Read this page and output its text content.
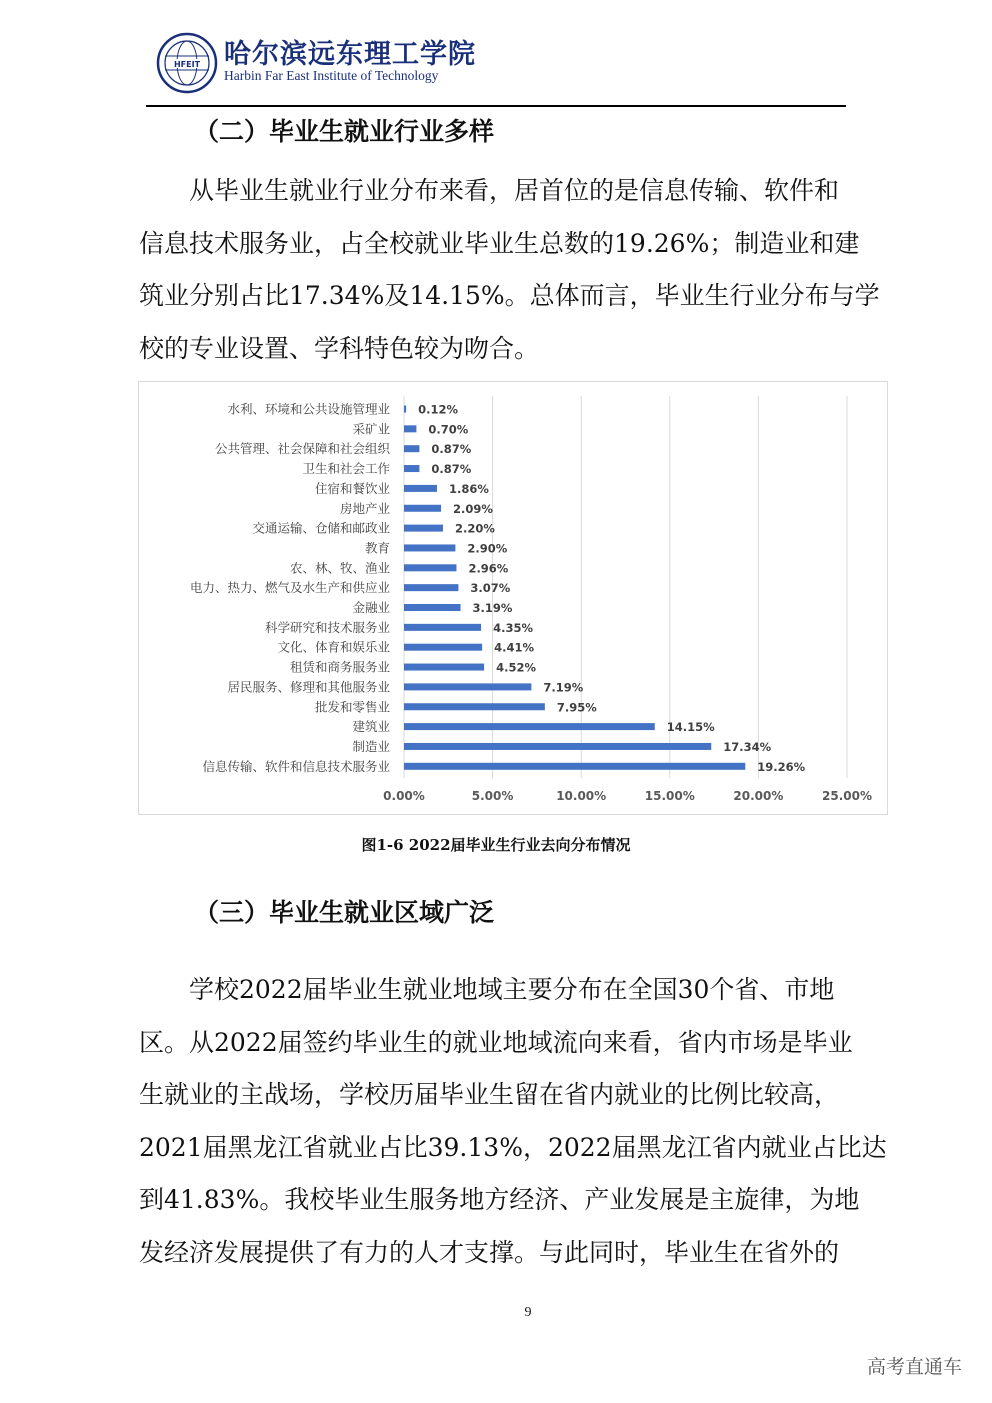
HFEIT 哈尔滨远东理工学院
Harbin Far East Institute of Technology
（二）毕业生就业行业多样
从毕业生就业行业分布来看，居首位的是信息传输、软件和
信息技术服务业，占全校就业毕业生总数的19.26%；制造业和建
筑业分别占比17.34%及14.15%。总体而言，毕业生行业分布与学
校的专业设置、学科特色较为吻合。
0.00%	5.00%	10.00%	15.00%	20.00%	25.00%
水利、环境和公共设施管理业 0.12%
采矿业	0.70%
公共管理、社会保障和社会组织	0.87%
卫生和社会工作	0.87%
住宿和餐饮业	1.86%
房地产业	2.09%
交通运输、仓储和邮政业	2.20%
教育	2.90%
农、林、牧、渔业	2.96%
电力、热力、燃气及水生产和供应业	3.07%
金融业	3.19%
科学研究和技术服务业	4.35%
文化、体育和娱乐业	4.41%
租赁和商务服务业	4.52%
居民服务、修理和其他服务业	7.19%
批发和零售业	7.95%
建筑业	14.15%
制造业	17.34%
信息传输、软件和信息技术服务业	19.26%
图1-6 2022届毕业生行业去向分布情况
（三）毕业生就业区域广泛
学校2022届毕业生就业地域主要分布在全国30个省、市地
区。从2022届签约毕业生的就业地域流向来看，省内市场是毕业
生就业的主战场，学校历届毕业生留在省内就业的比例比较高，
2021届黑龙江省就业占比39.13%，2022届黑龙江省内就业占比达
到41.83%。我校毕业生服务地方经济、产业发展是主旋律，为地
发经济发展提供了有力的人才支撑。与此同时，毕业生在省外的
9
高考直通车
